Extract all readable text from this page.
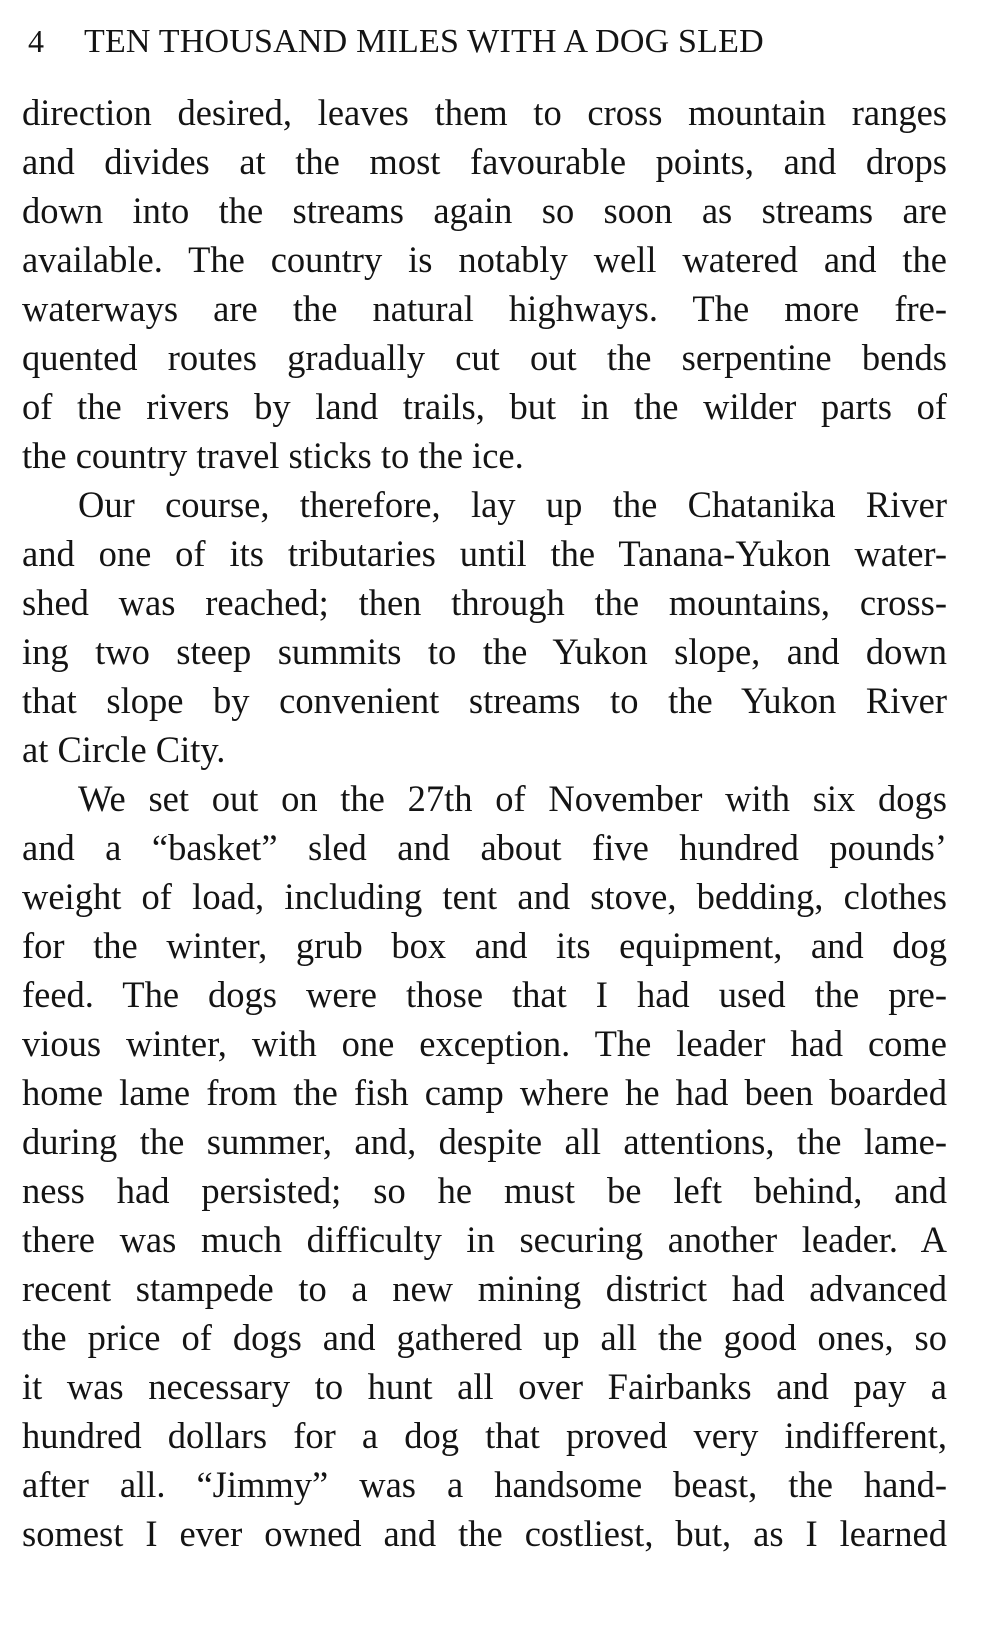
4 TEN THOUSAND MILES WITH A DOG SLED
direction desired, leaves them to cross mountain ranges
and divides at the most favourable points, and drops
down into the streams again so soon as streams are
available. The country is notably well watered and the
waterways are the natural highways. The more fre-
quented routes gradually cut out the serpentine bends
of the rivers by land trails, but in the wilder parts of
the country travel sticks to the ice.
Our course, therefore, lay up the Chatanika River
and one of its tributaries until the Tanana-Yukon water-
shed was reached; then through the mountains, cross-
ing two steep summits to the Yukon slope, and down
that slope by convenient streams to the Yukon River
at Circle City.
We set out on the 27th of November with six dogs
and a “basket” sled and about five hundred pounds’
weight of load, including tent and stove, bedding, clothes
for the winter, grub box and its equipment, and dog
feed. The dogs were those that I had used the pre-
vious winter, with one exception. The leader had come
home lame from the fish camp where he had been boarded
during the summer, and, despite all attentions, the lame-
ness had persisted; so he must be left behind, and
there was much difficulty in securing another leader. A
recent stampede to a new mining district had advanced
the price of dogs and gathered up all the good ones, so
it was necessary to hunt all over Fairbanks and pay a
hundred dollars for a dog that proved very indifferent,
after all. “Jimmy” was a handsome beast, the hand-
somest I ever owned and the costliest, but, as I learned
